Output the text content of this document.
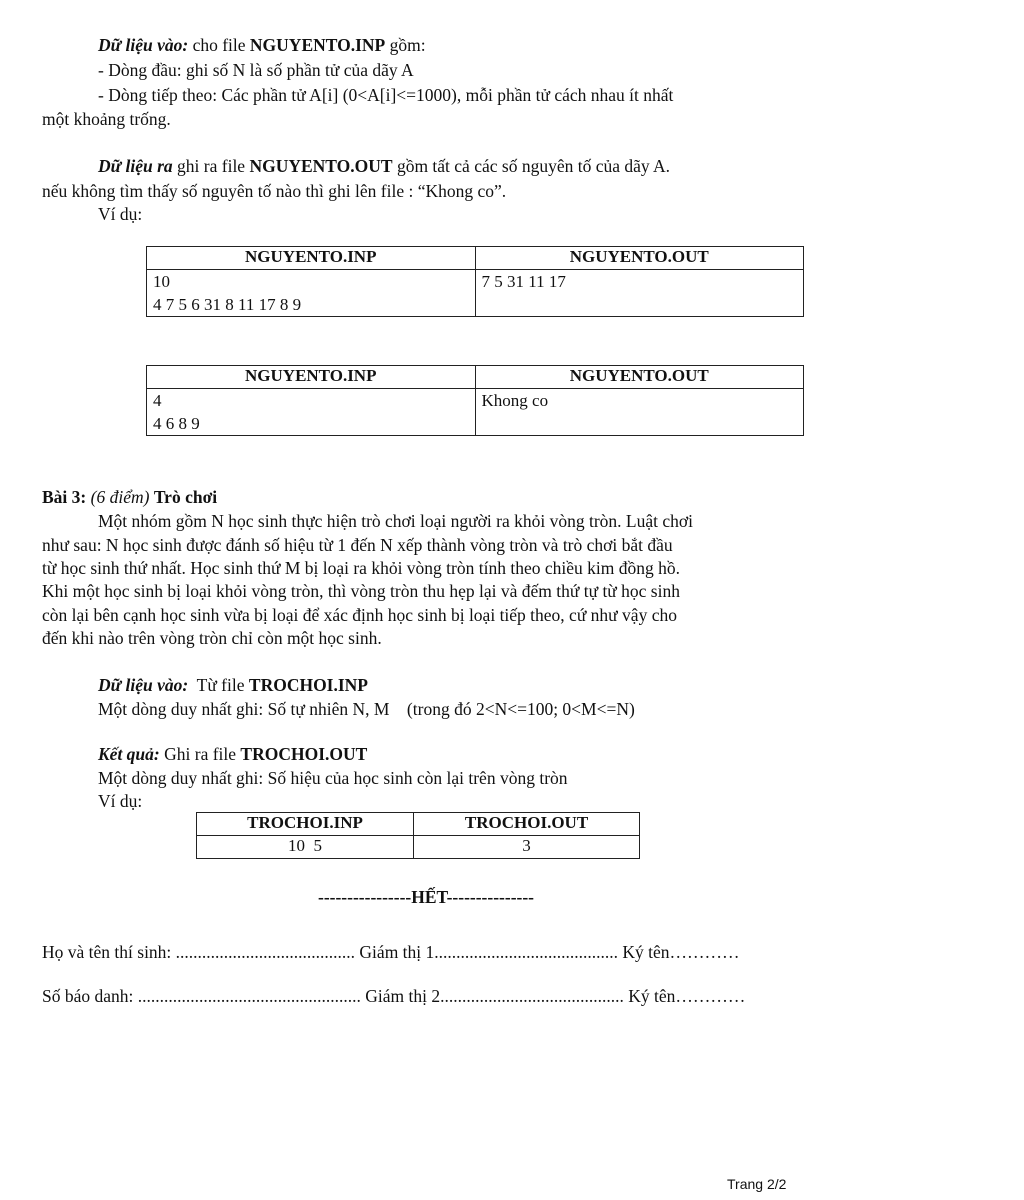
Dữ liệu vào: cho file NGUYENTO.INP gồm:
- Dòng đầu: ghi số N là số phần tử của dãy A
- Dòng tiếp theo: Các phần tử A[i] (0<A[i]<=1000), mỗi phần tử cách nhau ít nhất
một khoảng trống.
Dữ liệu ra ghi ra file NGUYENTO.OUT gồm tất cả các số nguyên tố của dãy A.
nếu không tìm thấy số nguyên tố nào thì ghi lên file : “Khong co”.
Ví dụ:
NGUYENTO.INP	NGUYENTO.OUT

10
4 7 5 6 31 8 11 17 8 9	7 5 31 11 17
NGUYENTO.INP	NGUYENTO.OUT

4
4 6 8 9	Khong co
Bài 3: (6 điểm) Trò chơi
Một nhóm gồm N học sinh thực hiện trò chơi loại người ra khỏi vòng tròn. Luật chơi
như sau: N học sinh được đánh số hiệu từ 1 đến N xếp thành vòng tròn và trò chơi bắt đầu
từ học sinh thứ nhất. Học sinh thứ M bị loại ra khỏi vòng tròn tính theo chiều kim đồng hồ.
Khi một học sinh bị loại khỏi vòng tròn, thì vòng tròn thu hẹp lại và đếm thứ tự từ học sinh
còn lại bên cạnh học sinh vừa bị loại để xác định học sinh bị loại tiếp theo, cứ như vậy cho
đến khi nào trên vòng tròn chỉ còn một học sinh.
Dữ liệu vào:  Từ file TROCHOI.INP
Một dòng duy nhất ghi: Số tự nhiên N, M    (trong đó 2<N<=100; 0<M<=N)
Kết quả: Ghi ra file TROCHOI.OUT
Một dòng duy nhất ghi: Số hiệu của học sinh còn lại trên vòng tròn
Ví dụ:
TROCHOI.INP	TROCHOI.OUT
10  5	3
----------------HẾT---------------
Họ và tên thí sinh: ......................................... Giám thị 1.......................................... Ký tên…………
Số báo danh: ................................................... Giám thị 2.......................................... Ký tên…………
Trang 2/2
